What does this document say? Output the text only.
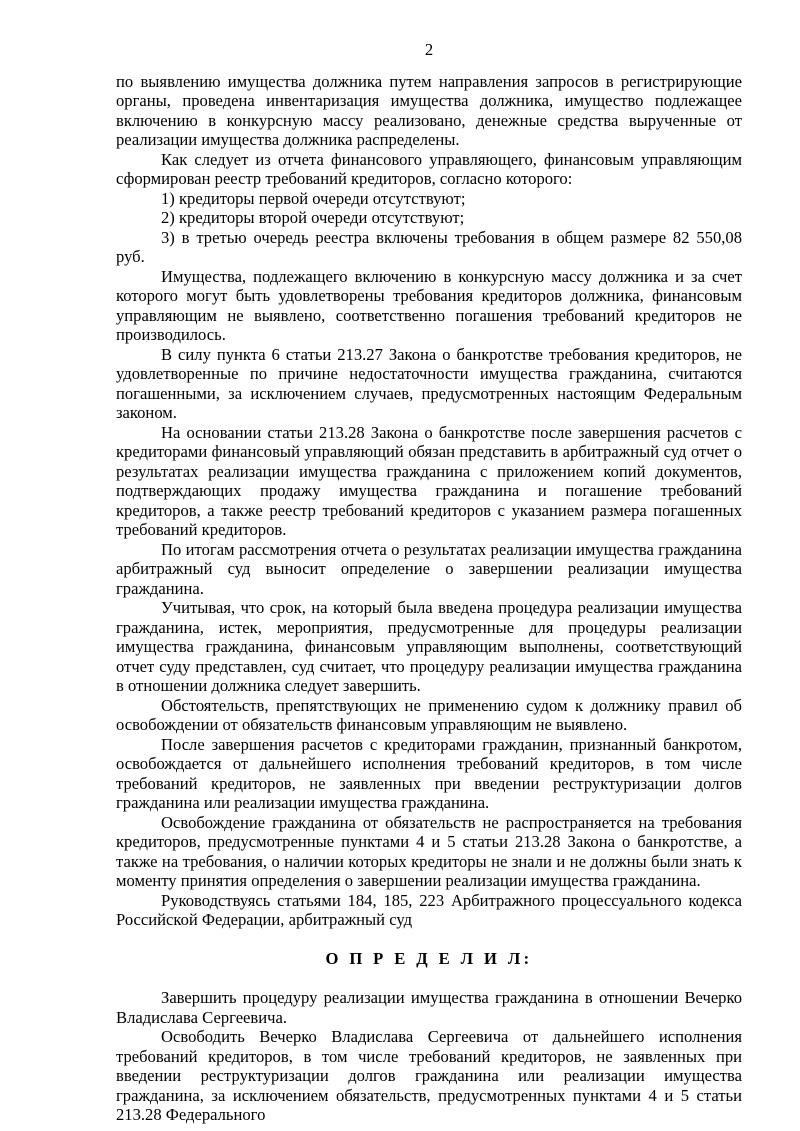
2

по выявлению имущества должника путем направления запросов в регистрирующие органы, проведена инвентаризация имущества должника, имущество подлежащее включению в конкурсную массу реализовано, денежные средства вырученные от реализации имущества должника распределены.

Как следует из отчета финансового управляющего, финансовым управляющим сформирован реестр требований кредиторов, согласно которого:

1) кредиторы первой очереди отсутствуют;

2) кредиторы второй очереди отсутствуют;

3) в третью очередь реестра включены требования в общем размере 82 550,08 руб.

Имущества, подлежащего включению в конкурсную массу должника и за счет которого могут быть удовлетворены требования кредиторов должника, финансовым управляющим не выявлено, соответственно погашения требований кредиторов не производилось.

В силу пункта 6 статьи 213.27 Закона о банкротстве требования кредиторов, не удовлетворенные по причине недостаточности имущества гражданина, считаются погашенными, за исключением случаев, предусмотренных настоящим Федеральным законом.

На основании статьи 213.28 Закона о банкротстве после завершения расчетов с кредиторами финансовый управляющий обязан представить в арбитражный суд отчет о результатах реализации имущества гражданина с приложением копий документов, подтверждающих продажу имущества гражданина и погашение требований кредиторов, а также реестр требований кредиторов с указанием размера погашенных требований кредиторов.

По итогам рассмотрения отчета о результатах реализации имущества гражданина арбитражный суд выносит определение о завершении реализации имущества гражданина.

Учитывая, что срок, на который была введена процедура реализации имущества гражданина, истек, мероприятия, предусмотренные для процедуры реализации имущества гражданина, финансовым управляющим выполнены, соответствующий отчет суду представлен, суд считает, что процедуру реализации имущества гражданина в отношении должника следует завершить.

Обстоятельств, препятствующих не применению судом к должнику правил об освобождении от обязательств финансовым управляющим не выявлено.

После завершения расчетов с кредиторами гражданин, признанный банкротом, освобождается от дальнейшего исполнения требований кредиторов, в том числе требований кредиторов, не заявленных при введении реструктуризации долгов гражданина или реализации имущества гражданина.

Освобождение гражданина от обязательств не распространяется на требования кредиторов, предусмотренные пунктами 4 и 5 статьи 213.28 Закона о банкротстве, а также на требования, о наличии которых кредиторы не знали и не должны были знать к моменту принятия определения о завершении реализации имущества гражданина.

Руководствуясь статьями 184, 185, 223 Арбитражного процессуального кодекса Российской Федерации, арбитражный суд

О П Р Е Д Е Л И Л:

Завершить процедуру реализации имущества гражданина в отношении Вечерко Владислава Сергеевича.

Освободить Вечерко Владислава Сергеевича от дальнейшего исполнения требований кредиторов, в том числе требований кредиторов, не заявленных при введении реструктуризации долгов гражданина или реализации имущества гражданина, за исключением обязательств, предусмотренных пунктами 4 и 5 статьи 213.28 Федерального
